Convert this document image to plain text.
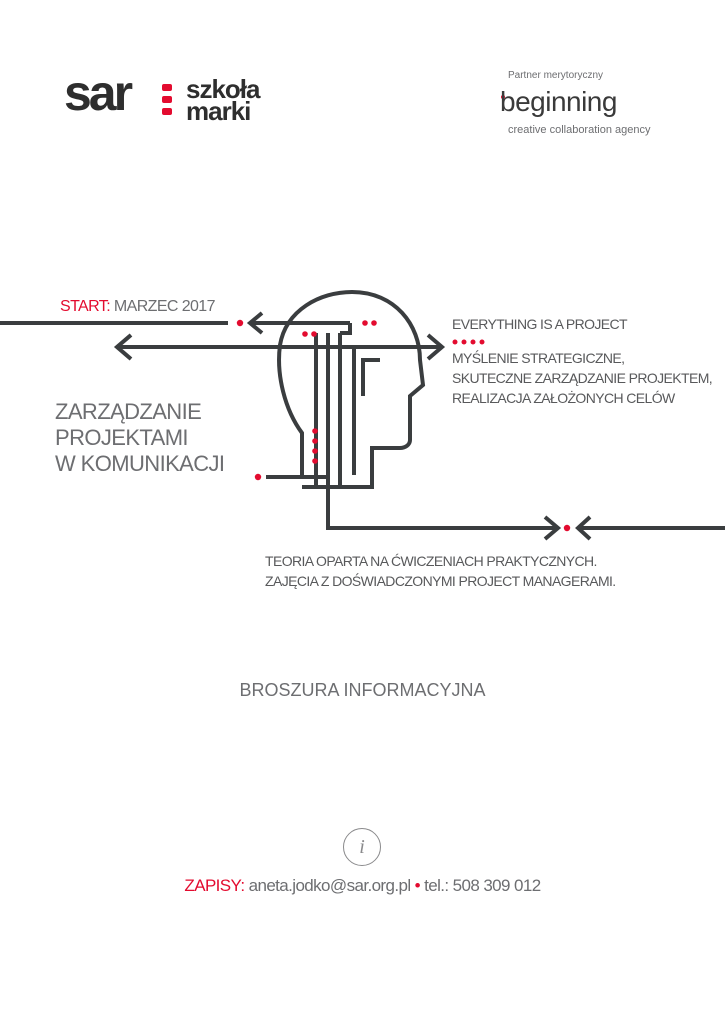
sar szkoła
marki
Partner merytoryczny
beginning
creative collaboration agency
START: MARZEC 2017
ZARZĄDZANIE
PROJEKTAMI
W KOMUNIKACJI
EVERYTHING IS A PROJECT
MYŚLENIE STRATEGICZNE,
SKUTECZNE ZARZĄDZANIE PROJEKTEM,
REALIZACJA ZAŁOŻONYCH CELÓW
TEORIA OPARTA NA ĆWICZENIACH PRAKTYCZNYCH.
ZAJĘCIA Z DOŚWIADCZONYMI PROJECT MANAGERAMI.
BROSZURA INFORMACYJNA
i
ZAPISY: aneta.jodko@sar.org.pl • tel.: 508 309 012
